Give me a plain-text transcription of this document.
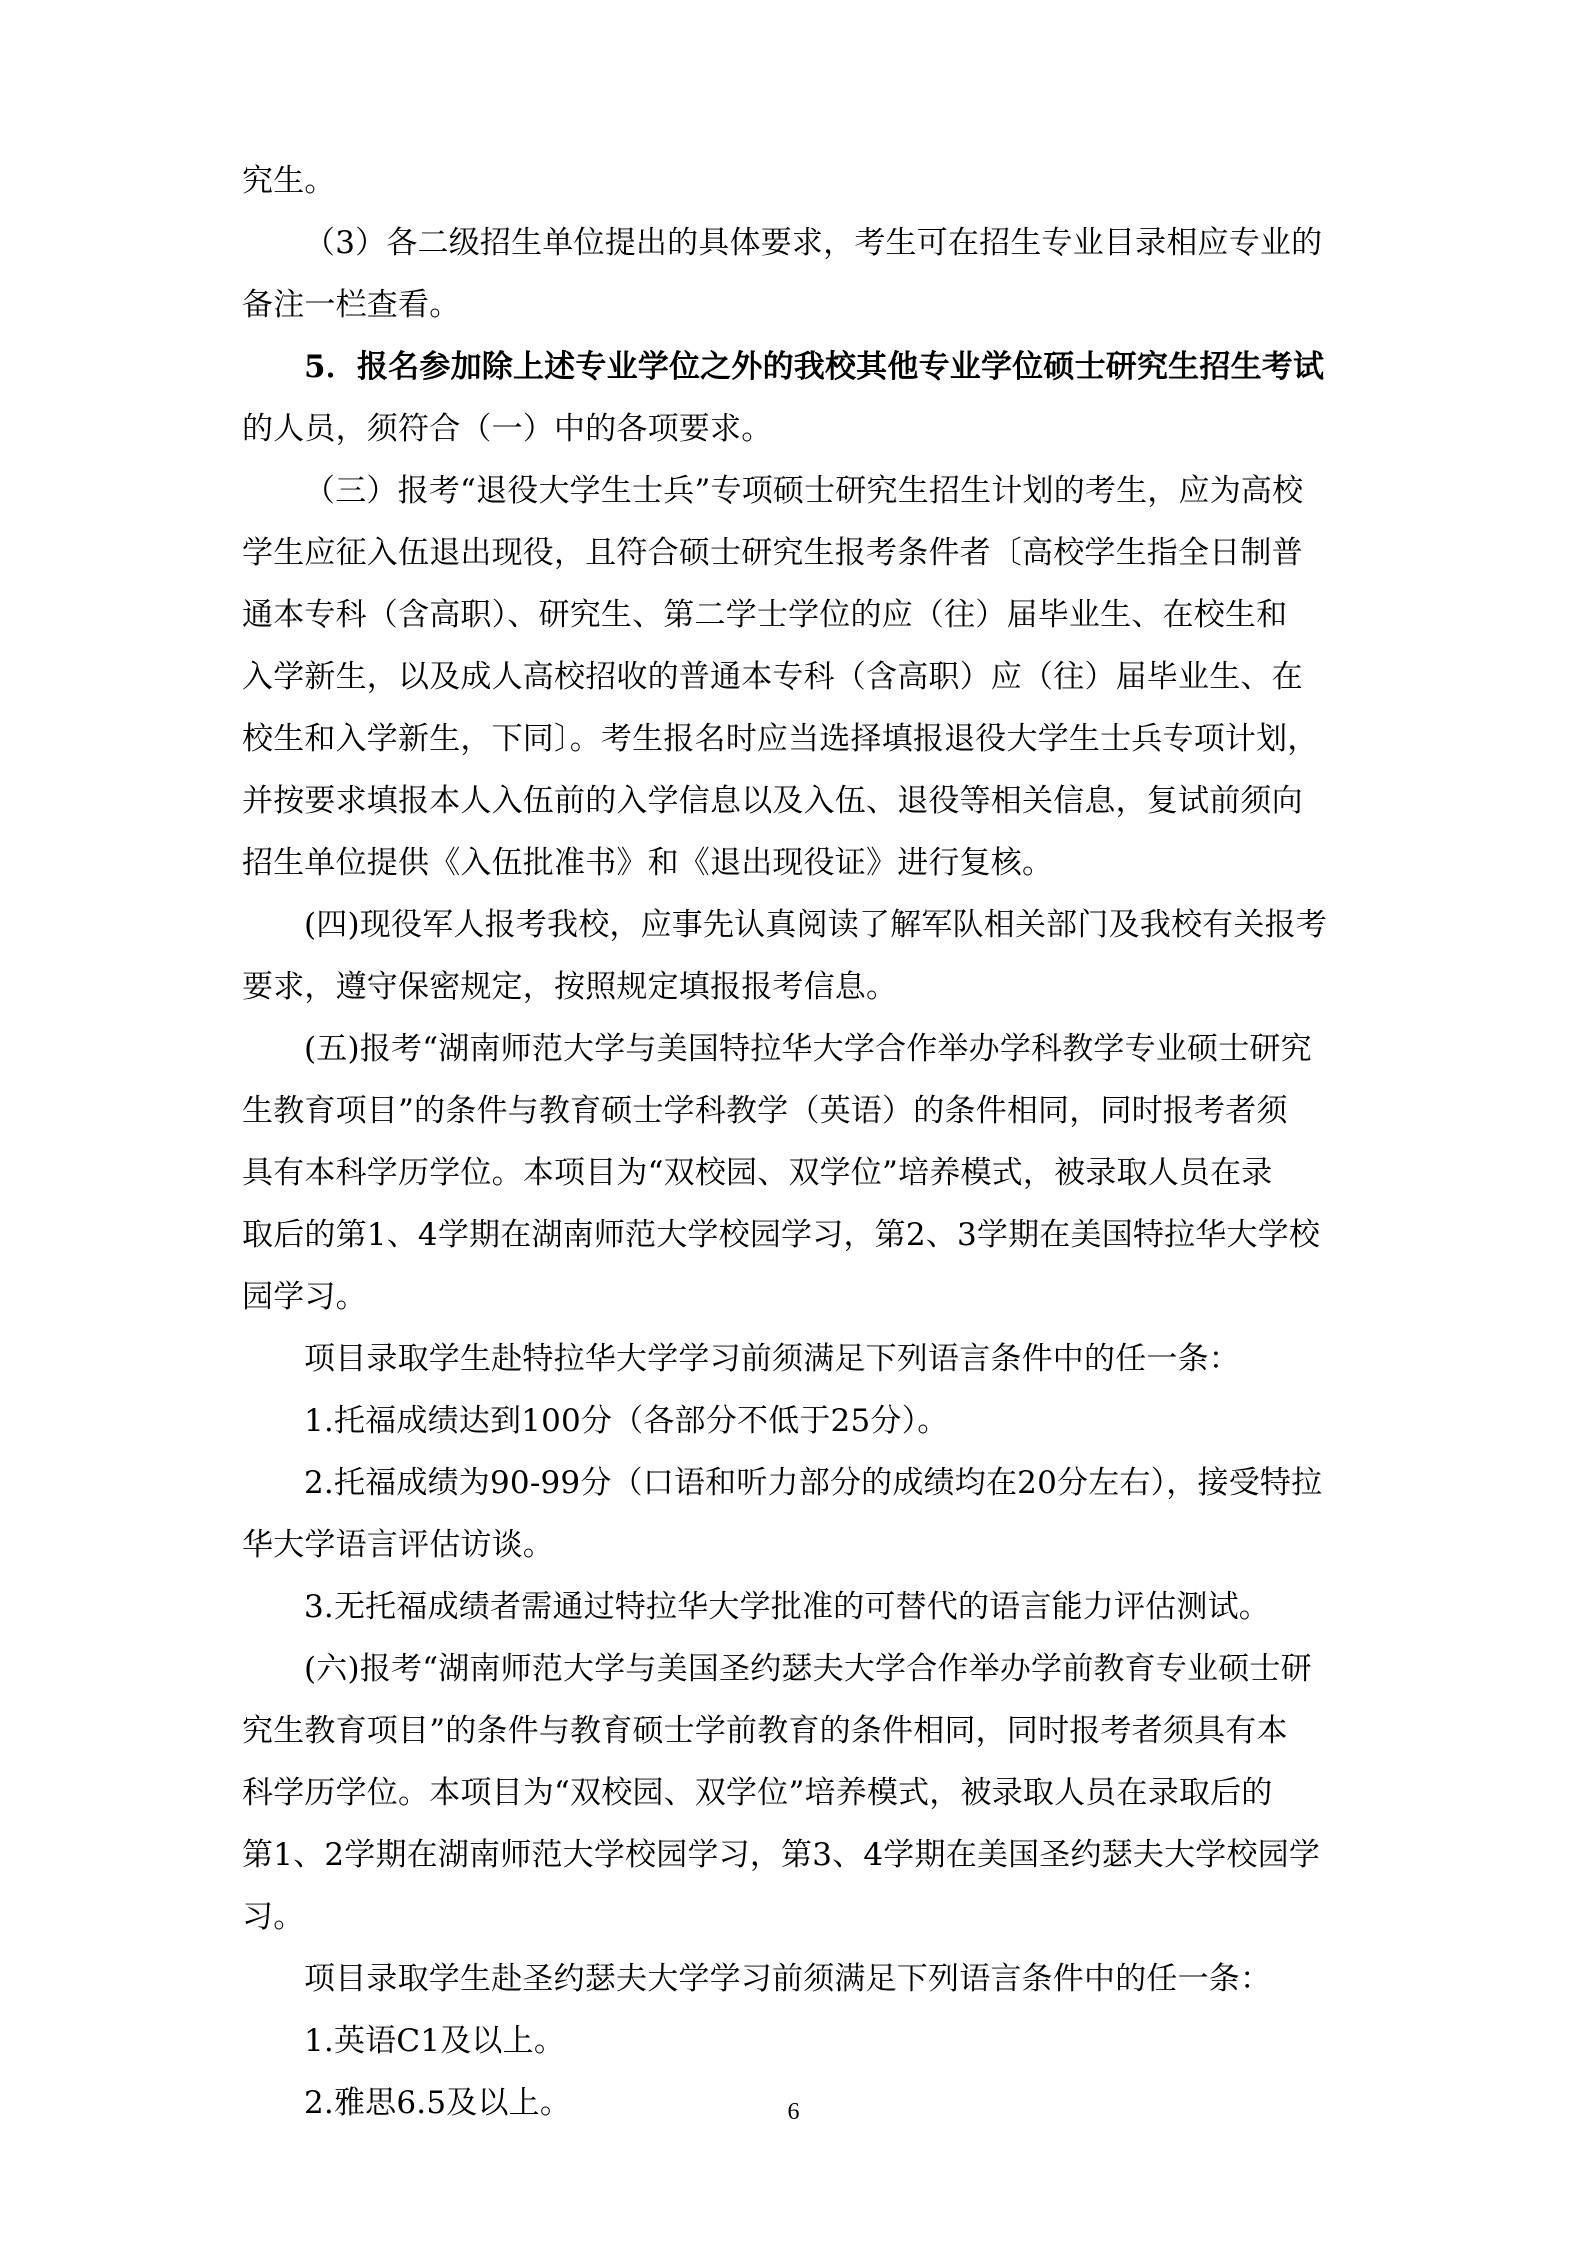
究生。
（3）各二级招生单位提出的具体要求，考生可在招生专业目录相应专业的
备注一栏查看。
5．报名参加除上述专业学位之外的我校其他专业学位硕士研究生招生考试
的人员，须符合（一）中的各项要求。
（三）报考“退役大学生士兵”专项硕士研究生招生计划的考生，应为高校
学生应征入伍退出现役，且符合硕士研究生报考条件者〔高校学生指全日制普
通本专科（含高职）、研究生、第二学士学位的应（往）届毕业生、在校生和
入学新生，以及成人高校招收的普通本专科（含高职）应（往）届毕业生、在
校生和入学新生，下同〕。考生报名时应当选择填报退役大学生士兵专项计划，
并按要求填报本人入伍前的入学信息以及入伍、退役等相关信息，复试前须向
招生单位提供《入伍批准书》和《退出现役证》进行复核。
(四)现役军人报考我校，应事先认真阅读了解军队相关部门及我校有关报考
要求，遵守保密规定，按照规定填报报考信息。
(五)报考“湖南师范大学与美国特拉华大学合作举办学科教学专业硕士研究
生教育项目”的条件与教育硕士学科教学（英语）的条件相同，同时报考者须
具有本科学历学位。本项目为“双校园、双学位”培养模式，被录取人员在录
取后的第1、4学期在湖南师范大学校园学习，第2、3学期在美国特拉华大学校
园学习。
项目录取学生赴特拉华大学学习前须满足下列语言条件中的任一条：
1.托福成绩达到100分（各部分不低于25分）。
2.托福成绩为90-99分（口语和听力部分的成绩均在20分左右），接受特拉
华大学语言评估访谈。
3.无托福成绩者需通过特拉华大学批准的可替代的语言能力评估测试。
(六)报考“湖南师范大学与美国圣约瑟夫大学合作举办学前教育专业硕士研
究生教育项目”的条件与教育硕士学前教育的条件相同，同时报考者须具有本
科学历学位。本项目为“双校园、双学位”培养模式，被录取人员在录取后的
第1、2学期在湖南师范大学校园学习，第3、4学期在美国圣约瑟夫大学校园学
习。
项目录取学生赴圣约瑟夫大学学习前须满足下列语言条件中的任一条：
1.英语C1及以上。
2.雅思6.5及以上。	6
